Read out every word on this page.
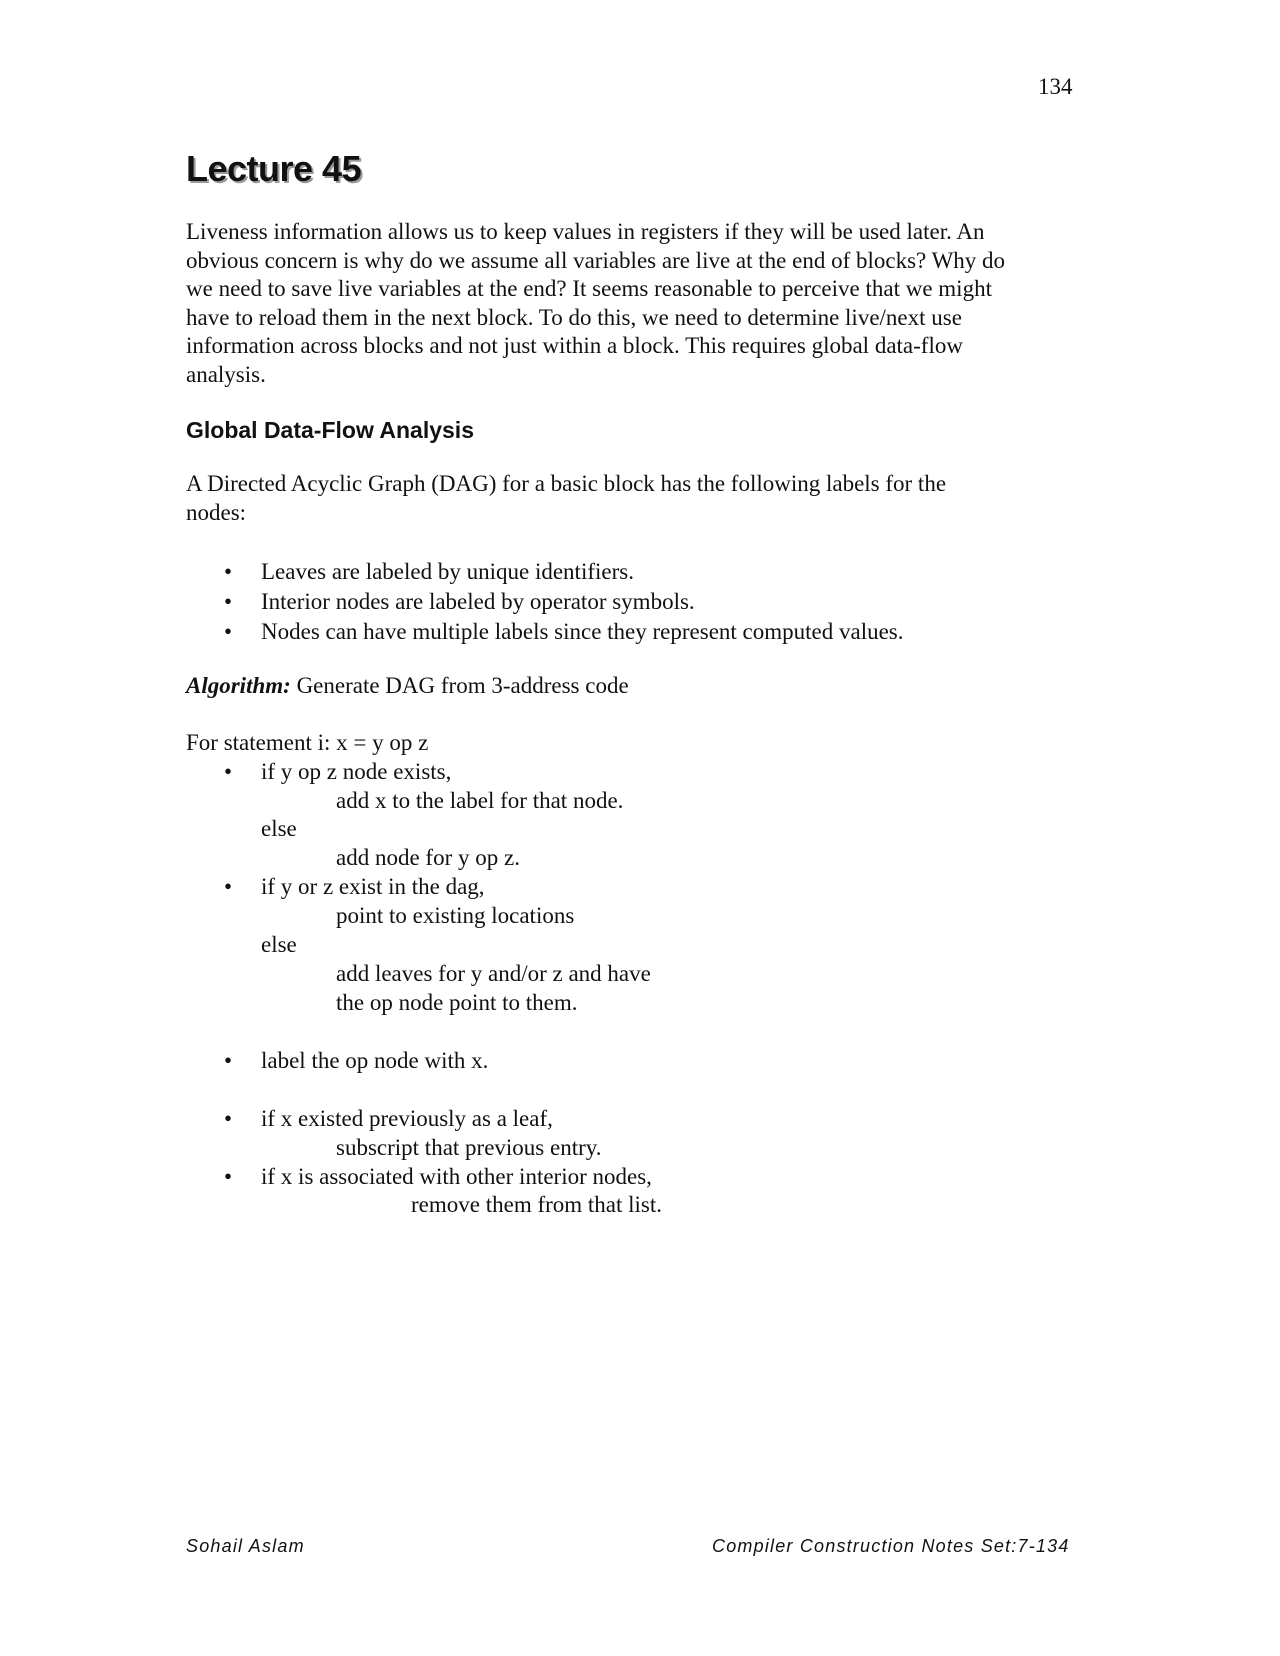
134
Lecture 45
Liveness information allows us to keep values in registers if they will be used later. An
obvious concern is why do we assume all variables are live at the end of blocks? Why do
we need to save live variables at the end? It seems reasonable to perceive that we might
have to reload them in the next block. To do this, we need to determine live/next use
information across blocks and not just within a block. This requires global data-flow
analysis.
Global Data-Flow Analysis
A Directed Acyclic Graph (DAG) for a basic block has the following labels for the
nodes:
• Leaves are labeled by unique identifiers.
• Interior nodes are labeled by operator symbols.
• Nodes can have multiple labels since they represent computed values.
Algorithm: Generate DAG from 3-address code
For statement i: x = y op z
• if y op z node exists,
add x to the label for that node.
else
add node for y op z.
• if y or z exist in the dag,
point to existing locations
else
add leaves for y and/or z and have
the op node point to them.
• label the op node with x.
• if x existed previously as a leaf,
subscript that previous entry.
• if x is associated with other interior nodes,
remove them from that list.
Sohail Aslam	Compiler Construction Notes Set:7-134
